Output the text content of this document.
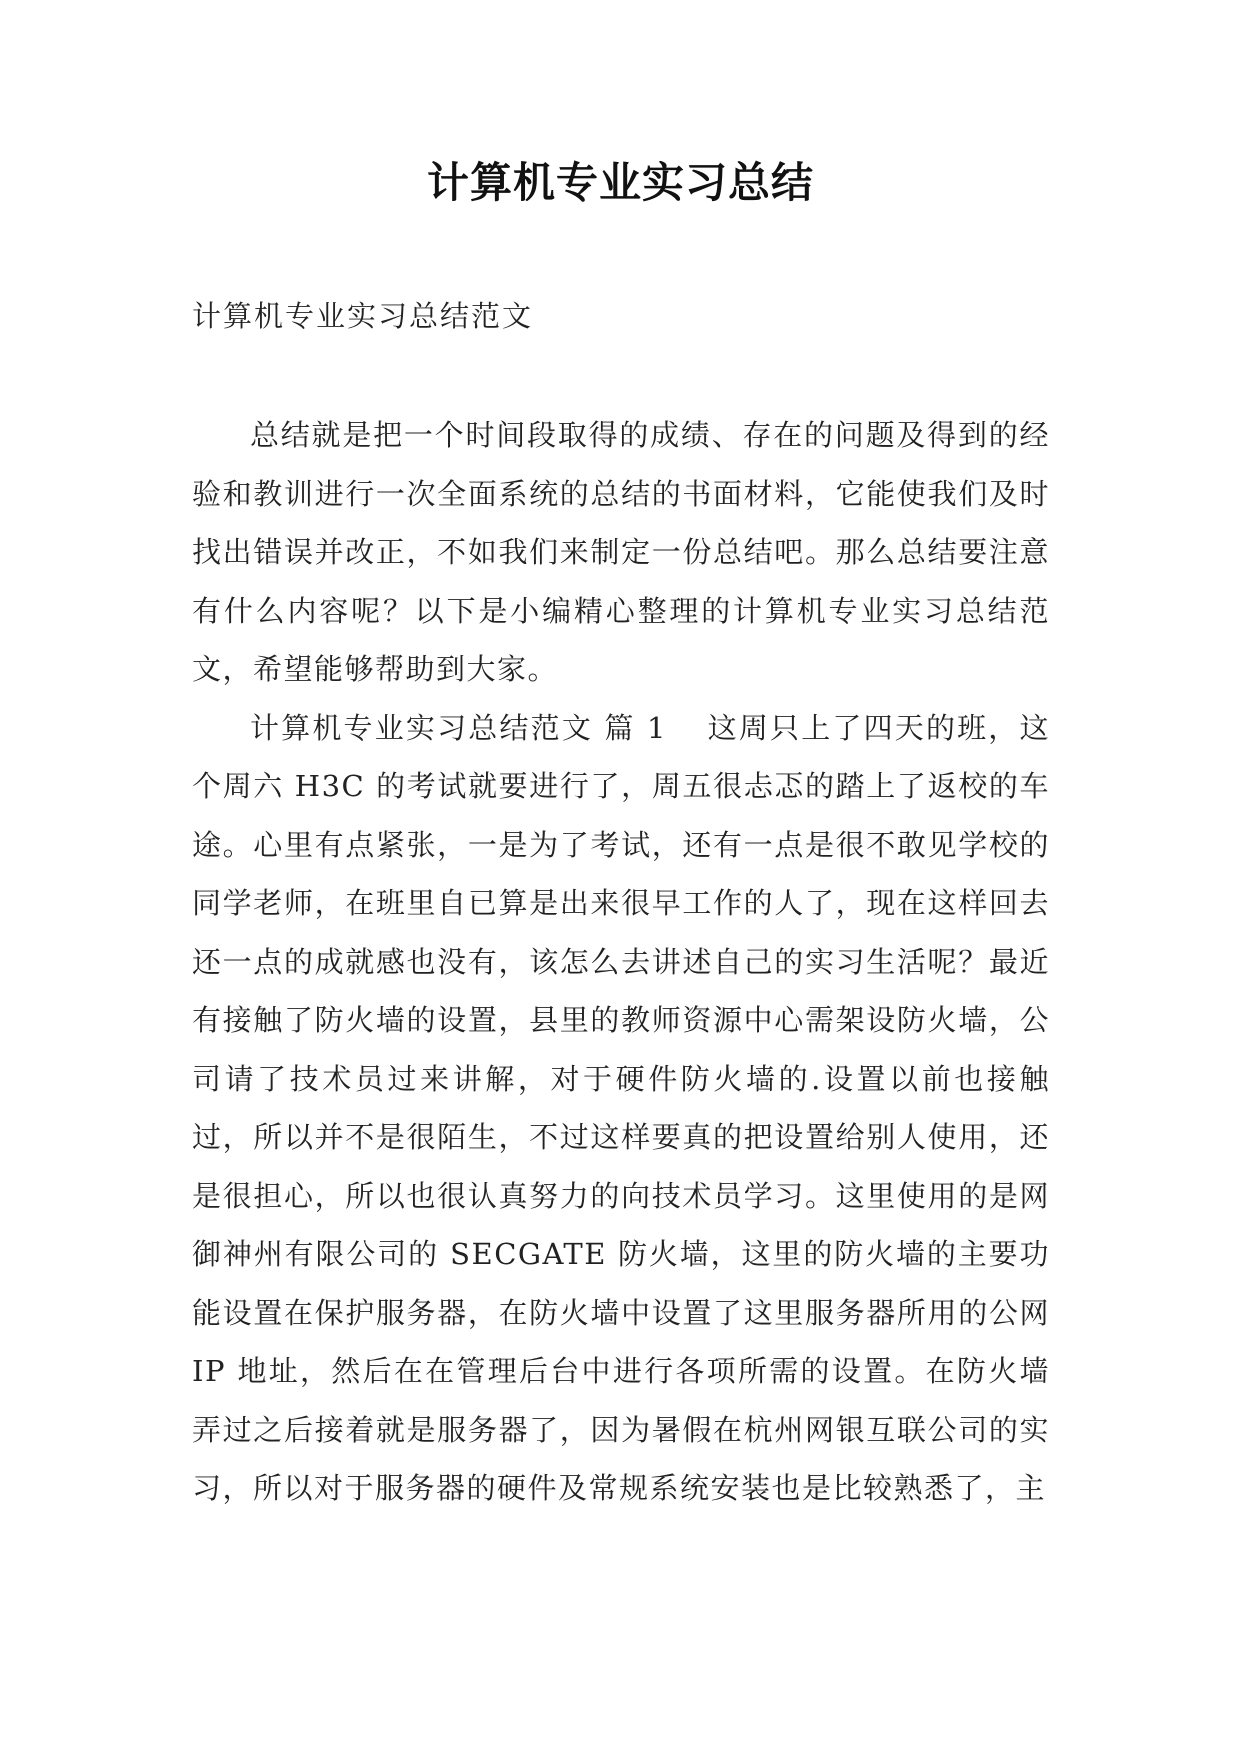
计算机专业实习总结
计算机专业实习总结范文

总结就是把一个时间段取得的成绩、存在的问题及得到的经验和教训进行一次全面系统的总结的书面材料，它能使我们及时找出错误并改正，不如我们来制定一份总结吧。那么总结要注意有什么内容呢？以下是小编精心整理的计算机专业实习总结范文，希望能够帮助到大家。

计算机专业实习总结范文 篇 1 这周只上了四天的班，这个周六 H3C 的考试就要进行了，周五很忐忑的踏上了返校的车途。心里有点紧张，一是为了考试，还有一点是很不敢见学校的同学老师，在班里自已算是出来很早工作的人了，现在这样回去还一点的成就感也没有，该怎么去讲述自己的实习生活呢？最近有接触了防火墙的设置，县里的教师资源中心需架设防火墙，公司请了技术员过来讲解，对于硬件防火墙的.设置以前也接触过，所以并不是很陌生，不过这样要真的把设置给别人使用，还是很担心，所以也很认真努力的向技术员学习。这里使用的是网御神州有限公司的 SECGATE 防火墙，这里的防火墙的主要功能设置在保护服务器，在防火墙中设置了这里服务器所用的公网 IP 地址，然后在在管理后台中进行各项所需的设置。在防火墙弄过之后接着就是服务器了，因为暑假在杭州网银互联公司的实习，所以对于服务器的硬件及常规系统安装也是比较熟悉了，主
